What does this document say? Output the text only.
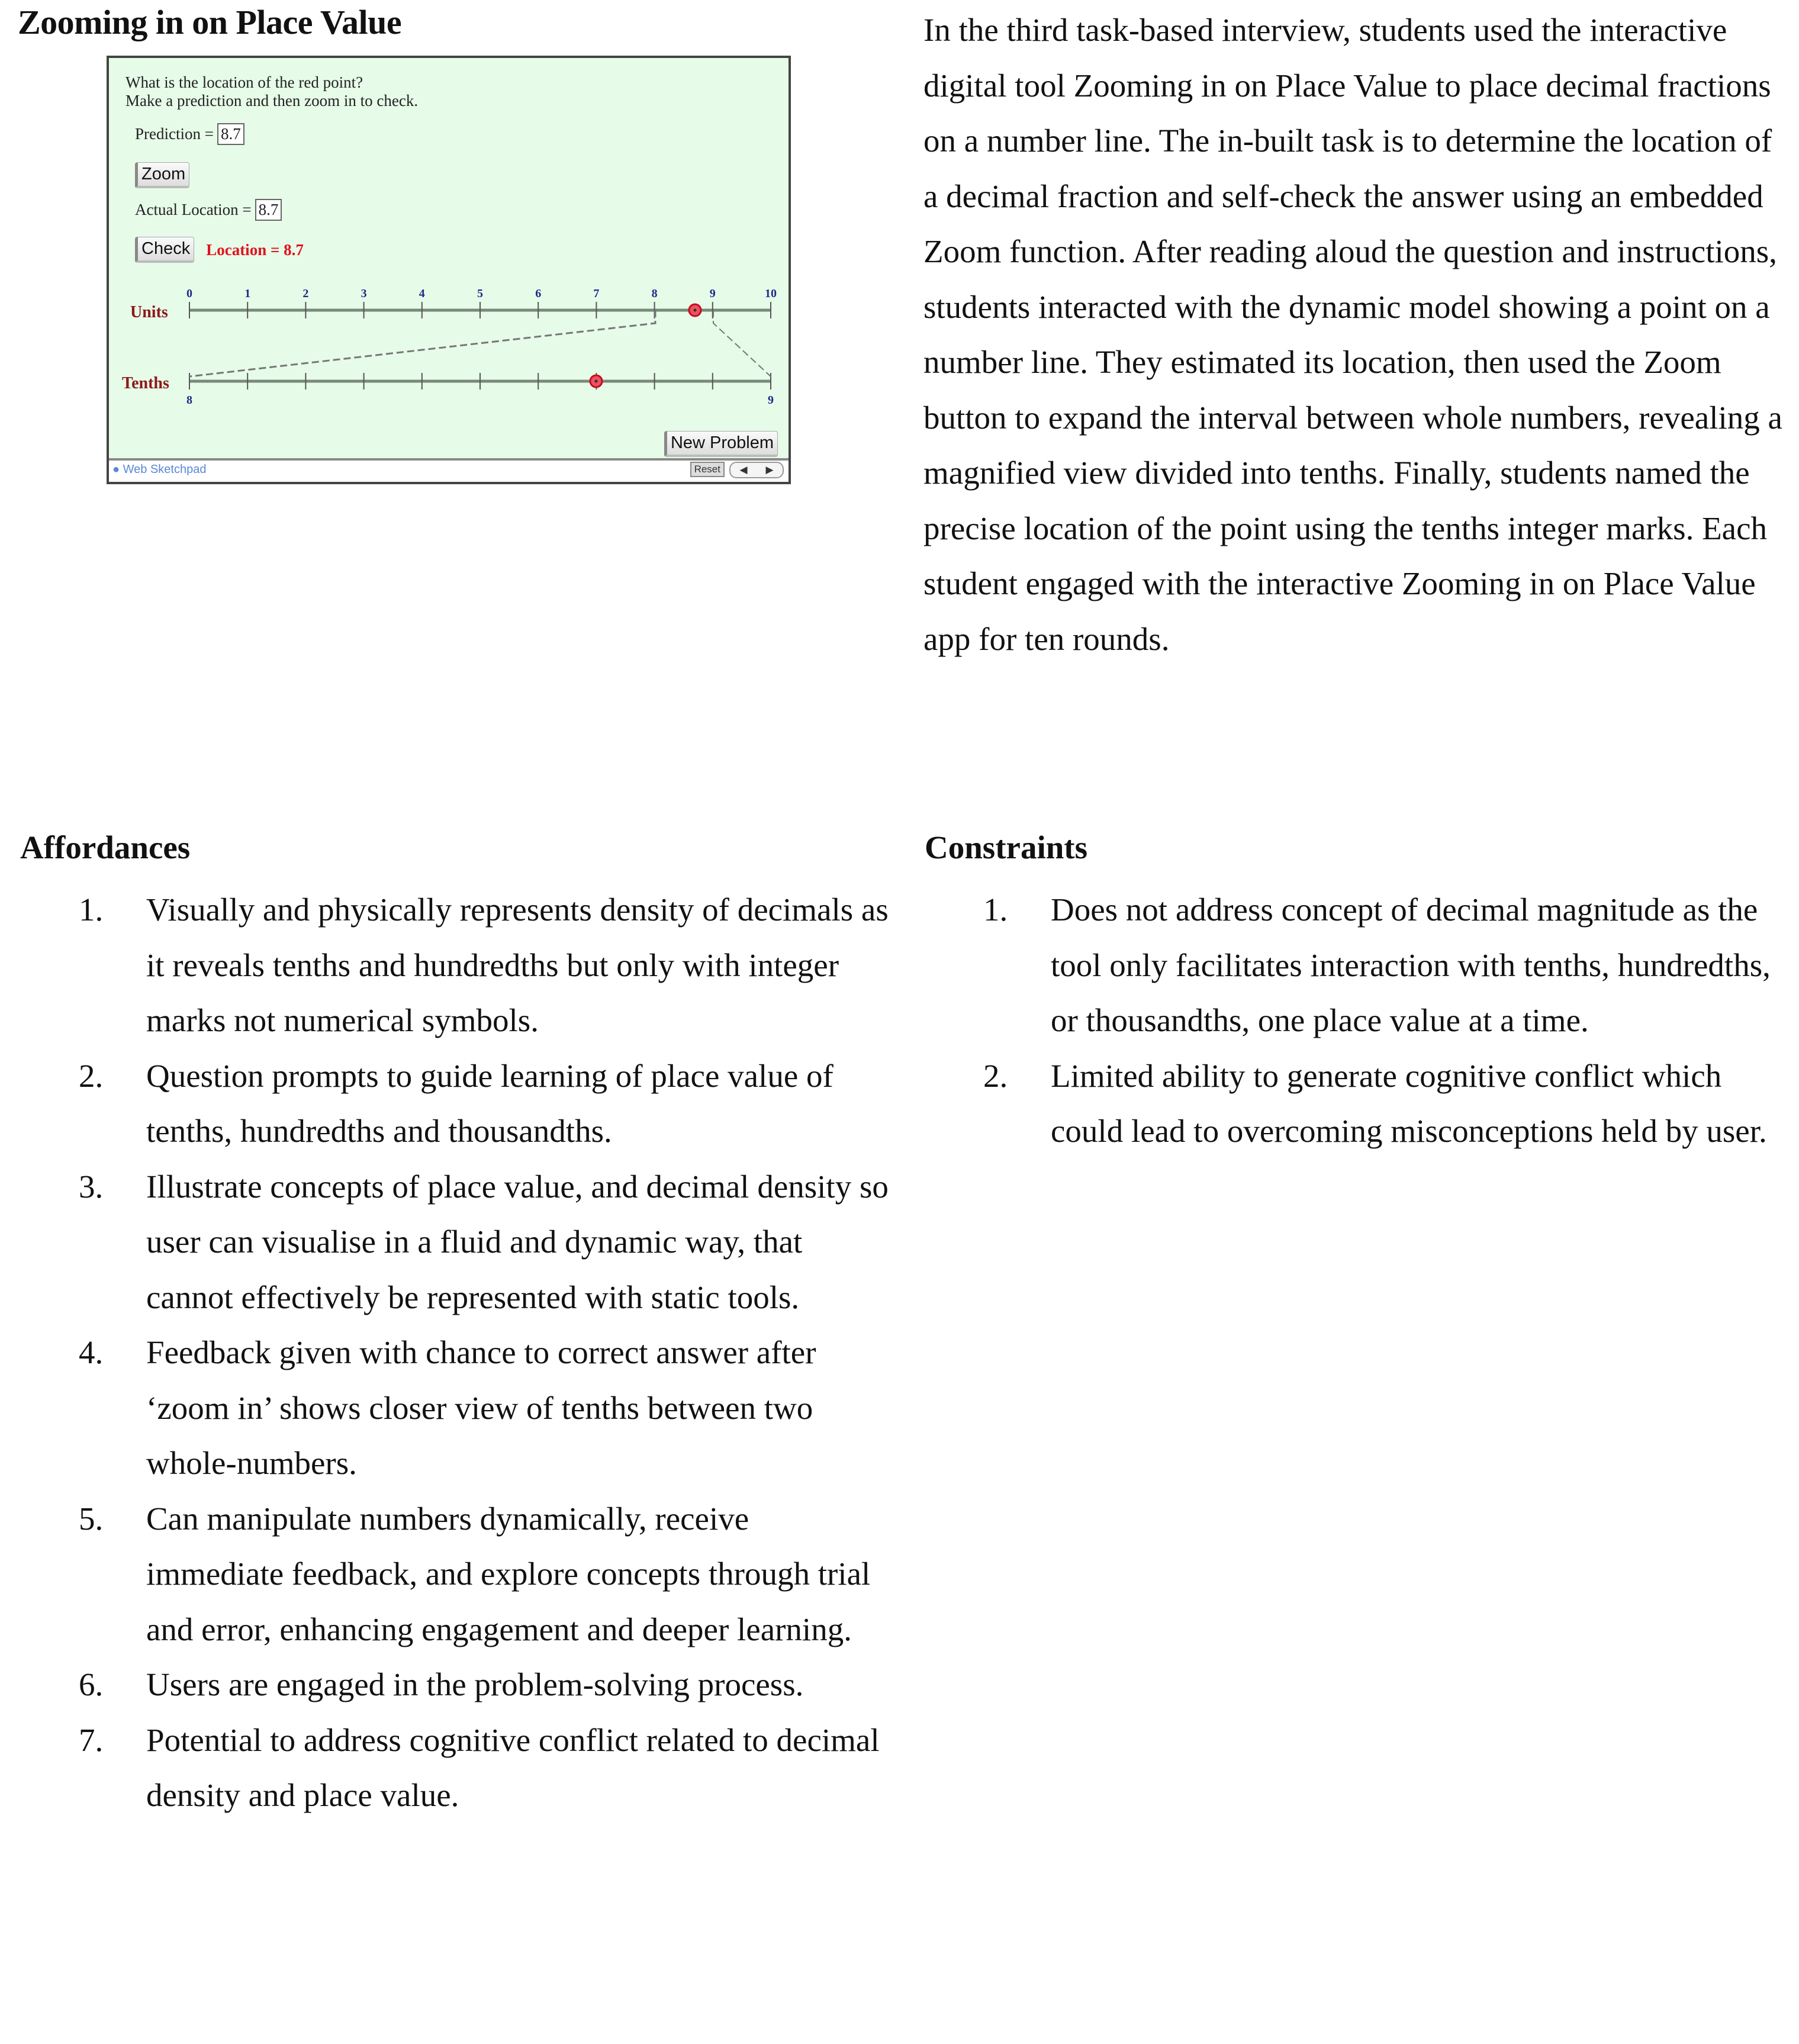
Zooming in on Place Value
What is the location of the red point?
Make a prediction and then zoom in to check.
Prediction = 8.7
Zoom
Actual Location = 8.7
Check Location = 8.7
Units
Tenths
0	1	2	3	4	5	6	7	8	9	10
8	9
New Problem
● Web Sketchpad	Reset	◀ ▶

In the third task-based interview, students used the interactive digital tool Zooming in on Place Value to place decimal fractions on a number line. The in-built task is to determine the location of a decimal fraction and self-check the answer using an embedded Zoom function. After reading aloud the question and instructions, students interacted with the dynamic model showing a point on a number line. They estimated its location, then used the Zoom button to expand the interval between whole numbers, revealing a magnified view divided into tenths. Finally, students named the precise location of the point using the tenths integer marks. Each student engaged with the interactive Zooming in on Place Value app for ten rounds.

Affordances
1. Visually and physically represents density of decimals as it reveals tenths and hundredths but only with integer marks not numerical symbols.
2. Question prompts to guide learning of place value of tenths, hundredths and thousandths.
3. Illustrate concepts of place value, and decimal density so user can visualise in a fluid and dynamic way, that cannot effectively be represented with static tools.
4. Feedback given with chance to correct answer after ‘zoom in’ shows closer view of tenths between two whole-numbers.
5. Can manipulate numbers dynamically, receive immediate feedback, and explore concepts through trial and error, enhancing engagement and deeper learning.
6. Users are engaged in the problem-solving process.
7. Potential to address cognitive conflict related to decimal density and place value.
Constraints
1. Does not address concept of decimal magnitude as the tool only facilitates interaction with tenths, hundredths, or thousandths, one place value at a time.
2. Limited ability to generate cognitive conflict which could lead to overcoming misconceptions held by user.
